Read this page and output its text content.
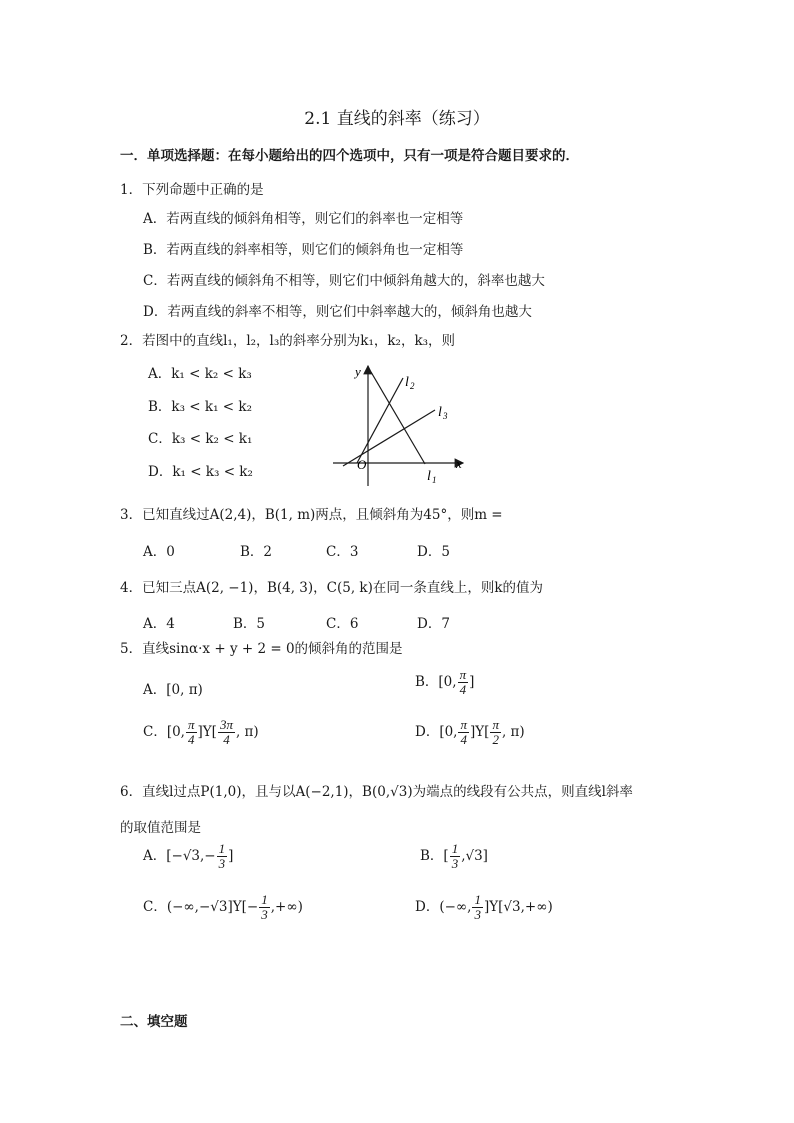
2.1 直线的斜率（练习）
一．单项选择题：在每小题给出的四个选项中，只有一项是符合题目要求的．
1．下列命题中正确的是
A．若两直线的倾斜角相等，则它们的斜率也一定相等
B．若两直线的斜率相等，则它们的倾斜角也一定相等
C．若两直线的倾斜角不相等，则它们中倾斜角越大的，斜率也越大
D．若两直线的斜率不相等，则它们中斜率越大的，倾斜角也越大
2．若图中的直线l₁，l₂，l₃的斜率分别为k₁，k₂，k₃，则
A．k₁ < k₂ < k₃
B．k₃ < k₁ < k₂
C．k₃ < k₂ < k₁
D．k₁ < k₃ < k₂
y
x
O
l 2
l 3
l 1
3．已知直线过A(2,4)，B(1, m)两点，且倾斜角为45°，则m =
A．0	B．2	C．3	D．5
4．已知三点A(2, −1)，B(4, 3)，C(5, k)在同一条直线上，则k的值为
A．4	B．5	C．6	D．7
5．直线sinα·x + y + 2 = 0的倾斜角的范围是
A．[0, π)	B．[0, $\frac{\pi}{4}$ ]
C．[0, $\frac{\pi}{4} ]Y[ \frac{3\pi}{4}$ , π)	D．[0, $\frac{\pi}{4} ]Y[ \frac{\pi}{2}$ , π)
6．直线l过点P(1,0)，且与以A(−2,1)，B(0,√3)为端点的线段有公共点，则直线l斜率
的取值范围是
A．[$-√3,- \frac{1}{3}$ ]	B．[ $\frac{1}{3} ,√3$]
C．$(-\infty,-√3]Y[- \frac{1}{3}$ ,+∞)	D．(−∞, $\frac{1}{3} ]Y[√3,+\infty)$
二、填空题
